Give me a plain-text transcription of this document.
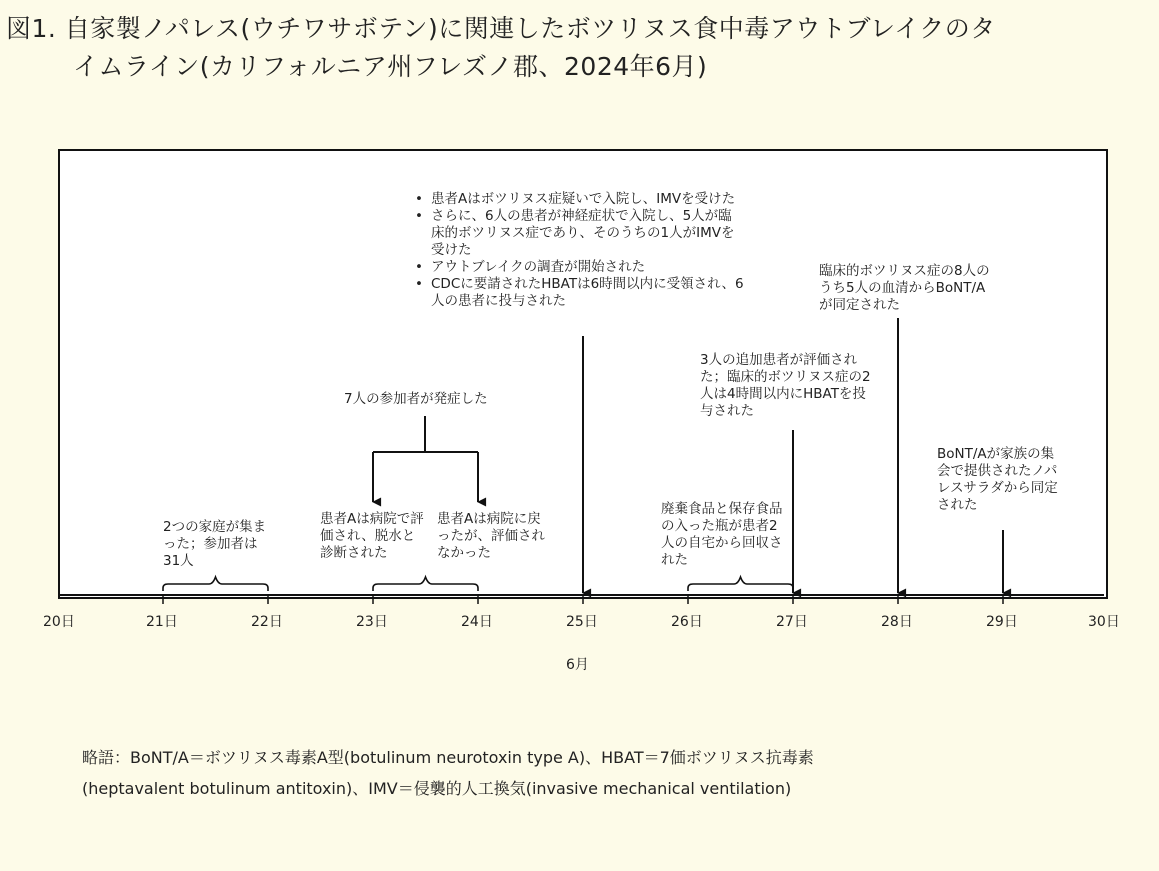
図1. 自家製ノパレス(ウチワサボテン)に関連したボツリヌス食中毒アウトブレイクのタ
イムライン(カリフォルニア州フレズノ郡、2024年6月)
20日	21日	22日	23日	24日	25日	26日	27日	28日	29日	30日
6月

2つの家庭が集まった；参加者は31人

7人の参加者が発症した

患者Aは病院で評価され、脱水と診断された

患者Aは病院に戻ったが、評価されなかった

• 患者Aはボツリヌス症疑いで入院し、IMVを受けた
• さらに、6人の患者が神経症状で入院し、5人が臨床的ボツリヌス症であり、そのうちの1人がIMVを受けた
• アウトブレイクの調査が開始された
• CDCに要請されたHBATは6時間以内に受領され、6人の患者に投与された

廃棄食品と保存食品の入った瓶が患者2人の自宅から回収された

3人の追加患者が評価された；臨床的ボツリヌス症の2人は4時間以内にHBATを投与された

臨床的ボツリヌス症の8人のうち5人の血清からBoNT/Aが同定された

BoNT/Aが家族の集会で提供されたノパレスサラダから同定された

略語：BoNT/A＝ボツリヌス毒素A型(botulinum neurotoxin type A)、HBAT＝7価ボツリヌス抗毒素
(heptavalent botulinum antitoxin)、IMV＝侵襲的人工換気(invasive mechanical ventilation)
